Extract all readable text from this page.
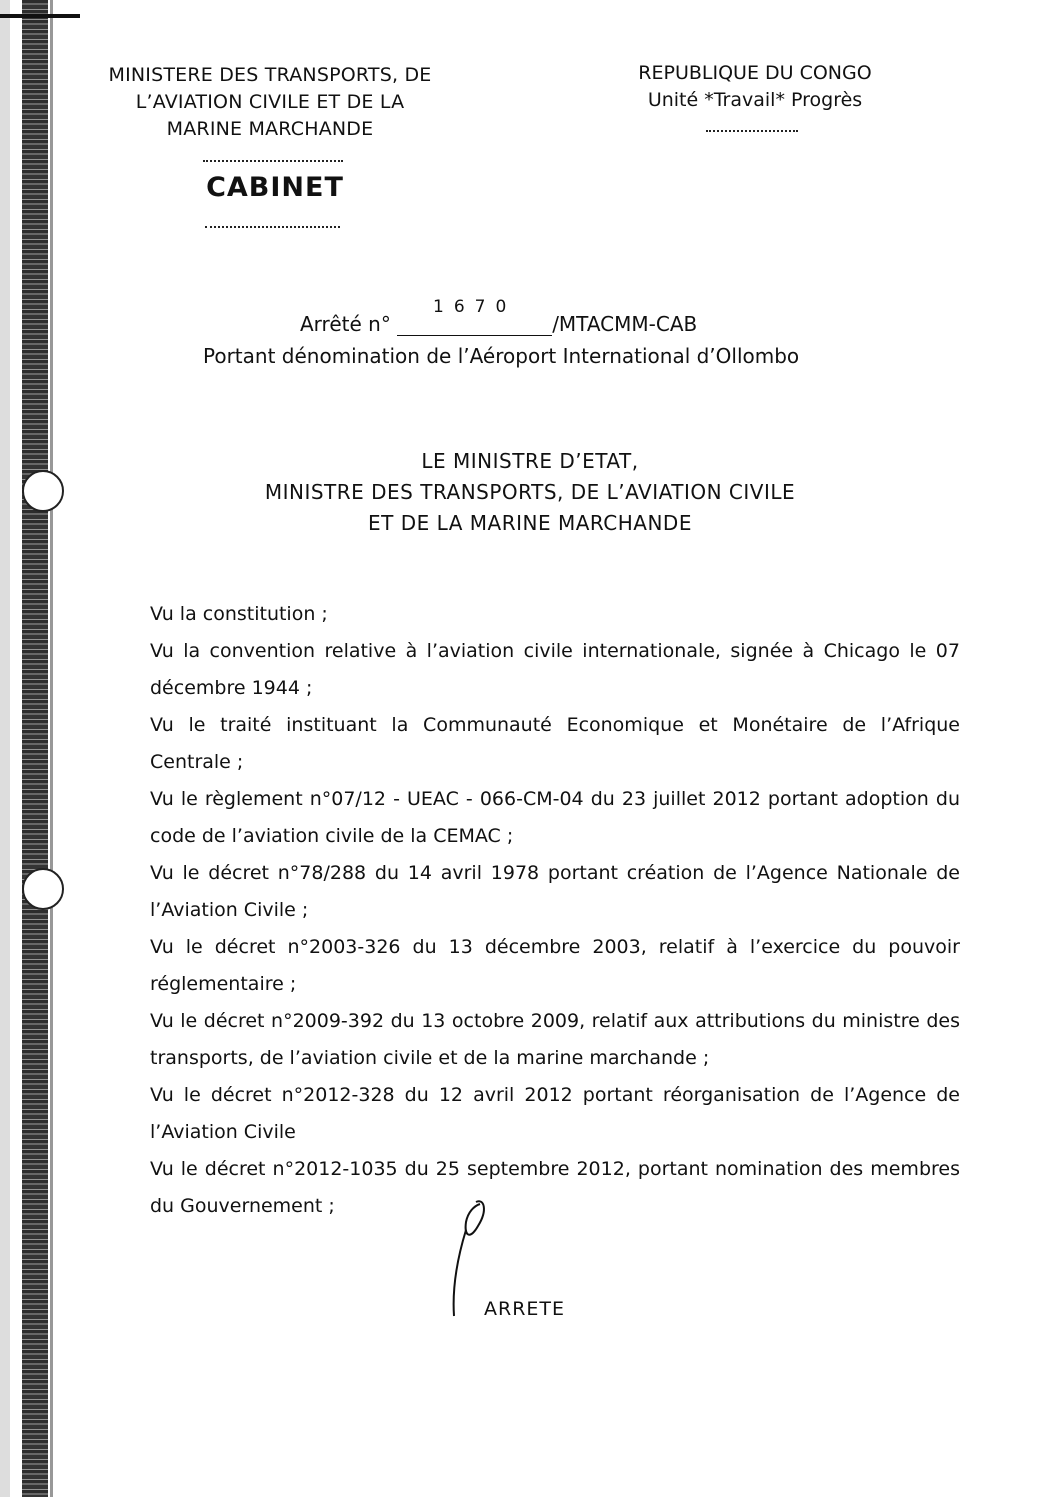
MINISTERE DES TRANSPORTS, DE
L’AVIATION CIVILE ET DE LA
MARINE MARCHANDE
CABINET
REPUBLIQUE DU CONGO
Unité *Travail* Progrès
Arrêté n°
1670
/MTACMM-CAB
Portant dénomination de l’Aéroport International d’Ollombo
LE MINISTRE D’ETAT,
MINISTRE DES TRANSPORTS, DE L’AVIATION CIVILE
ET DE LA MARINE MARCHANDE
Vu la constitution ;
Vu la convention relative à l’aviation civile internationale, signée à Chicago le 07 décembre 1944 ;
Vu le traité instituant la Communauté Economique et Monétaire de l’Afrique Centrale ;
Vu le règlement n°07/12 - UEAC - 066-CM-04 du 23 juillet 2012 portant adoption du code de l’aviation civile de la CEMAC ;
Vu le décret n°78/288 du 14 avril 1978 portant création de l’Agence Nationale de l’Aviation Civile ;
Vu le décret n°2003-326 du 13 décembre 2003, relatif à l’exercice du pouvoir réglementaire ;
Vu le décret n°2009-392 du 13 octobre 2009, relatif aux attributions du ministre des transports, de l’aviation civile et de la marine marchande ;
Vu le décret n°2012-328 du 12 avril 2012 portant réorganisation de l’Agence de l’Aviation Civile
Vu le décret n°2012-1035 du 25 septembre 2012, portant nomination des membres du Gouvernement ;
ARRETE
